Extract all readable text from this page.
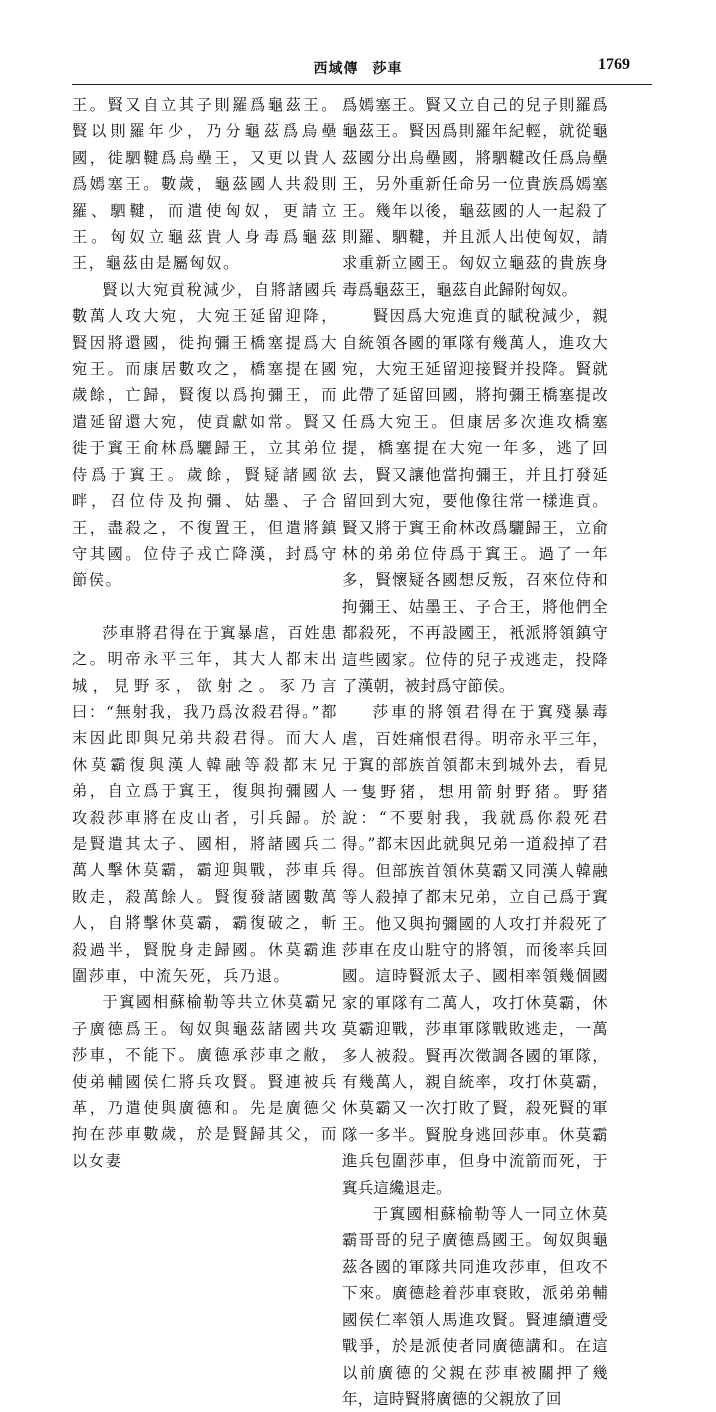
西域傳 莎車	1769

王。賢又自立其子則羅爲龜茲王。賢以則羅年少，乃分龜茲爲烏壘國，徙駟鞬爲烏壘王，又更以貴人爲嫣塞王。數歲，龜茲國人共殺則羅、駟鞬，而遣使匈奴，更請立王。匈奴立龜茲貴人身毒爲龜茲王，龜茲由是屬匈奴。

賢以大宛貢稅減少，自將諸國兵數萬人攻大宛，大宛王延留迎降，賢因將還國，徙拘彌王橋塞提爲大宛王。而康居數攻之，橋塞提在國歲餘，亡歸，賢復以爲拘彌王，而遣延留還大宛，使貢獻如常。賢又徙于窴王俞林爲驪歸王，立其弟位侍爲于窴王。歲餘，賢疑諸國欲畔，召位侍及拘彌、姑墨、子合王，盡殺之，不復置王，但遣將鎮守其國。位侍子戎亡降漢，封爲守節侯。

莎車將君得在于窴暴虐，百姓患之。明帝永平三年，其大人都末出城，見野豕，欲射之。豕乃言曰：“無射我，我乃爲汝殺君得。”都末因此即與兄弟共殺君得。而大人休莫霸復與漢人韓融等殺都末兄弟，自立爲于窴王，復與拘彌國人攻殺莎車將在皮山者，引兵歸。於是賢遣其太子、國相，將諸國兵二萬人擊休莫霸，霸迎與戰，莎車兵敗走，殺萬餘人。賢復發諸國數萬人，自將擊休莫霸，霸復破之，斬殺過半，賢脫身走歸國。休莫霸進圍莎車，中流矢死，兵乃退。

于窴國相蘇榆勒等共立休莫霸兄子廣德爲王。匈奴與龜茲諸國共攻莎車，不能下。廣德承莎車之敝，使弟輔國侯仁將兵攻賢。賢連被兵革，乃遣使與廣德和。先是廣德父拘在莎車數歲，於是賢歸其父，而以女妻

爲嫣塞王。賢又立自己的兒子則羅爲龜茲王。賢因爲則羅年紀輕，就從龜茲國分出烏壘國，將駟鞬改任爲烏壘王，另外重新任命另一位貴族爲嫣塞王。幾年以後，龜茲國的人一起殺了則羅、駟鞬，并且派人出使匈奴，請求重新立國王。匈奴立龜茲的貴族身毒爲龜茲王，龜茲自此歸附匈奴。

賢因爲大宛進貢的賦稅減少，親自統領各國的軍隊有幾萬人，進攻大宛，大宛王延留迎接賢并投降。賢就此帶了延留回國，將拘彌王橋塞提改任爲大宛王。但康居多次進攻橋塞提，橋塞提在大宛一年多，逃了回去，賢又讓他當拘彌王，并且打發延留回到大宛，要他像往常一樣進貢。賢又將于窴王俞林改爲驪歸王，立俞林的弟弟位侍爲于窴王。過了一年多，賢懷疑各國想反叛，召來位侍和拘彌王、姑墨王、子合王，將他們全都殺死，不再設國王，衹派將領鎮守這些國家。位侍的兒子戎逃走，投降了漢朝，被封爲守節侯。

莎車的將領君得在于窴殘暴毒虐，百姓痛恨君得。明帝永平三年，于窴的部族首領都末到城外去，看見一隻野猪，想用箭射野猪。野猪說：“不要射我，我就爲你殺死君得。”都末因此就與兄弟一道殺掉了君得。但部族首領休莫霸又同漢人韓融等人殺掉了都末兄弟，立自己爲于窴王。他又與拘彌國的人攻打并殺死了莎車在皮山駐守的將領，而後率兵回國。這時賢派太子、國相率領幾個國家的軍隊有二萬人，攻打休莫霸，休莫霸迎戰，莎車軍隊戰敗逃走，一萬多人被殺。賢再次徵調各國的軍隊，有幾萬人，親自統率，攻打休莫霸，休莫霸又一次打敗了賢，殺死賢的軍隊一多半。賢脫身逃回莎車。休莫霸進兵包圍莎車，但身中流箭而死，于窴兵這纔退走。

于窴國相蘇榆勒等人一同立休莫霸哥哥的兒子廣德爲國王。匈奴與龜茲各國的軍隊共同進攻莎車，但攻不下來。廣德趁着莎車衰敗，派弟弟輔國侯仁率領人馬進攻賢。賢連續遭受戰爭，於是派使者同廣德講和。在這以前廣德的父親在莎車被關押了幾年，這時賢將廣德的父親放了回
